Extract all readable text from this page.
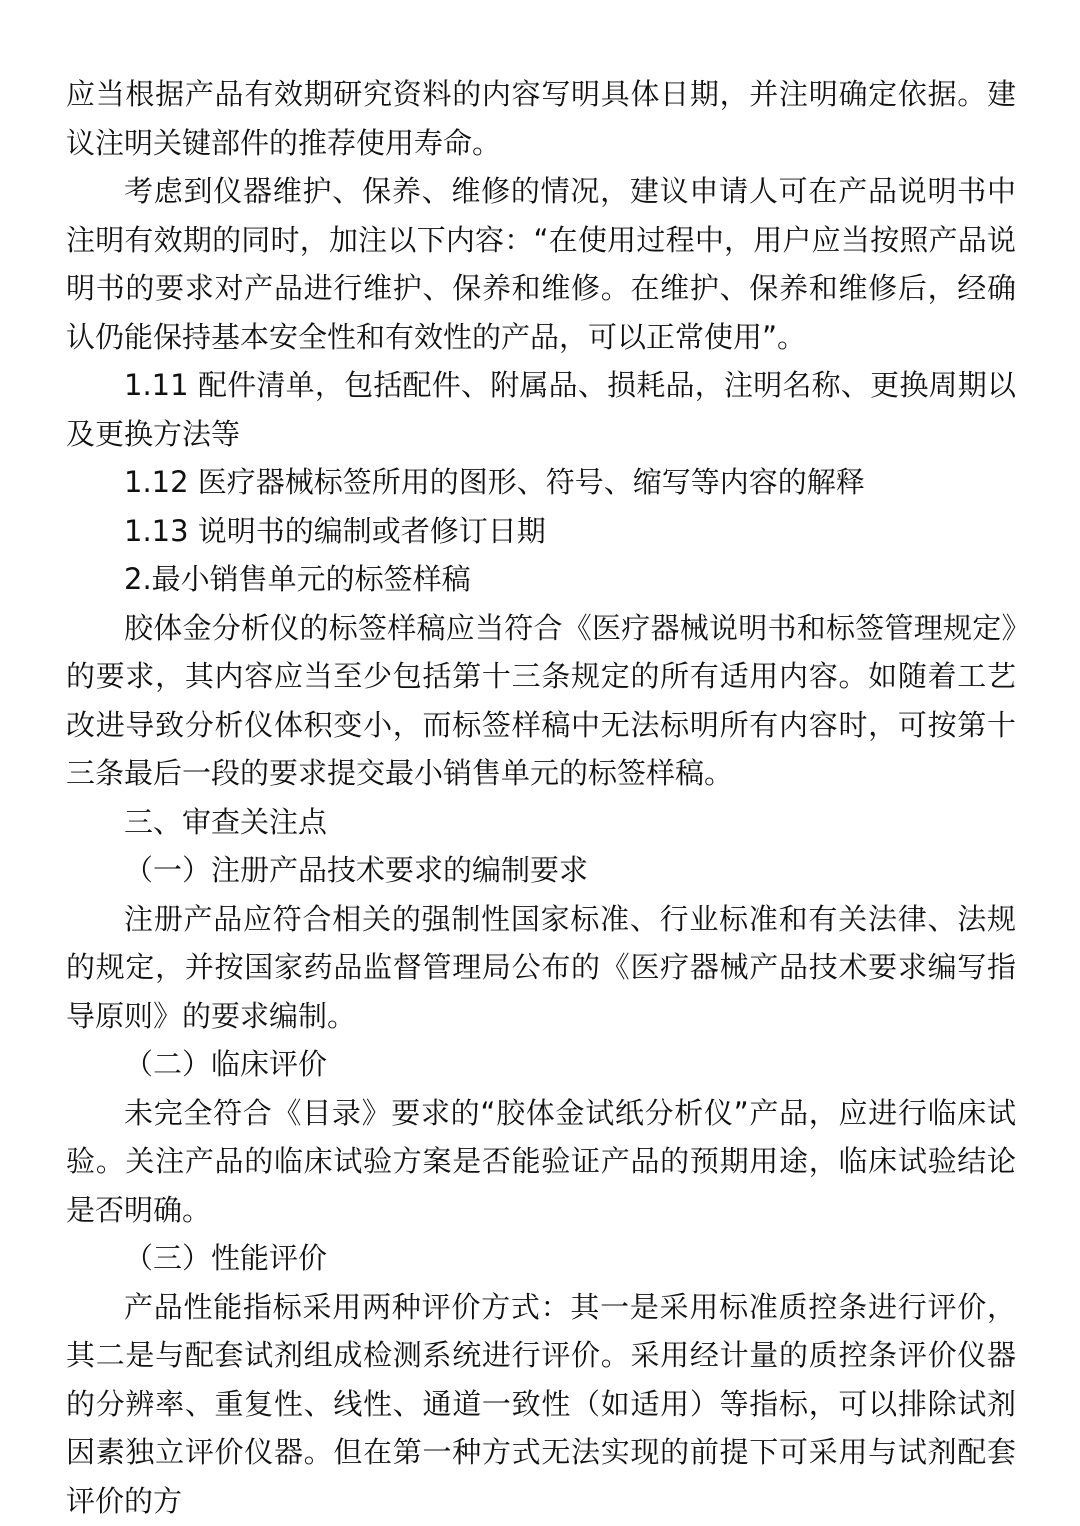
应当根据产品有效期研究资料的内容写明具体日期，并注明确定依据。建议注明关键部件的推荐使用寿命。

考虑到仪器维护、保养、维修的情况，建议申请人可在产品说明书中注明有效期的同时，加注以下内容：“在使用过程中，用户应当按照产品说明书的要求对产品进行维护、保养和维修。在维护、保养和维修后，经确认仍能保持基本安全性和有效性的产品，可以正常使用”。

1.11 配件清单，包括配件、附属品、损耗品，注明名称、更换周期以及更换方法等

1.12 医疗器械标签所用的图形、符号、缩写等内容的解释

1.13 说明书的编制或者修订日期

2.最小销售单元的标签样稿

胶体金分析仪的标签样稿应当符合《医疗器械说明书和标签管理规定》的要求，其内容应当至少包括第十三条规定的所有适用内容。如随着工艺改进导致分析仪体积变小，而标签样稿中无法标明所有内容时，可按第十三条最后一段的要求提交最小销售单元的标签样稿。

三、审查关注点

（一）注册产品技术要求的编制要求

注册产品应符合相关的强制性国家标准、行业标准和有关法律、法规的规定，并按国家药品监督管理局公布的《医疗器械产品技术要求编写指导原则》的要求编制。

（二）临床评价

未完全符合《目录》要求的“胶体金试纸分析仪”产品，应进行临床试验。关注产品的临床试验方案是否能验证产品的预期用途，临床试验结论是否明确。

（三）性能评价

产品性能指标采用两种评价方式：其一是采用标准质控条进行评价，其二是与配套试剂组成检测系统进行评价。采用经计量的质控条评价仪器的分辨率、重复性、线性、通道一致性（如适用）等指标，可以排除试剂因素独立评价仪器。但在第一种方式无法实现的前提下可采用与试剂配套评价的方
